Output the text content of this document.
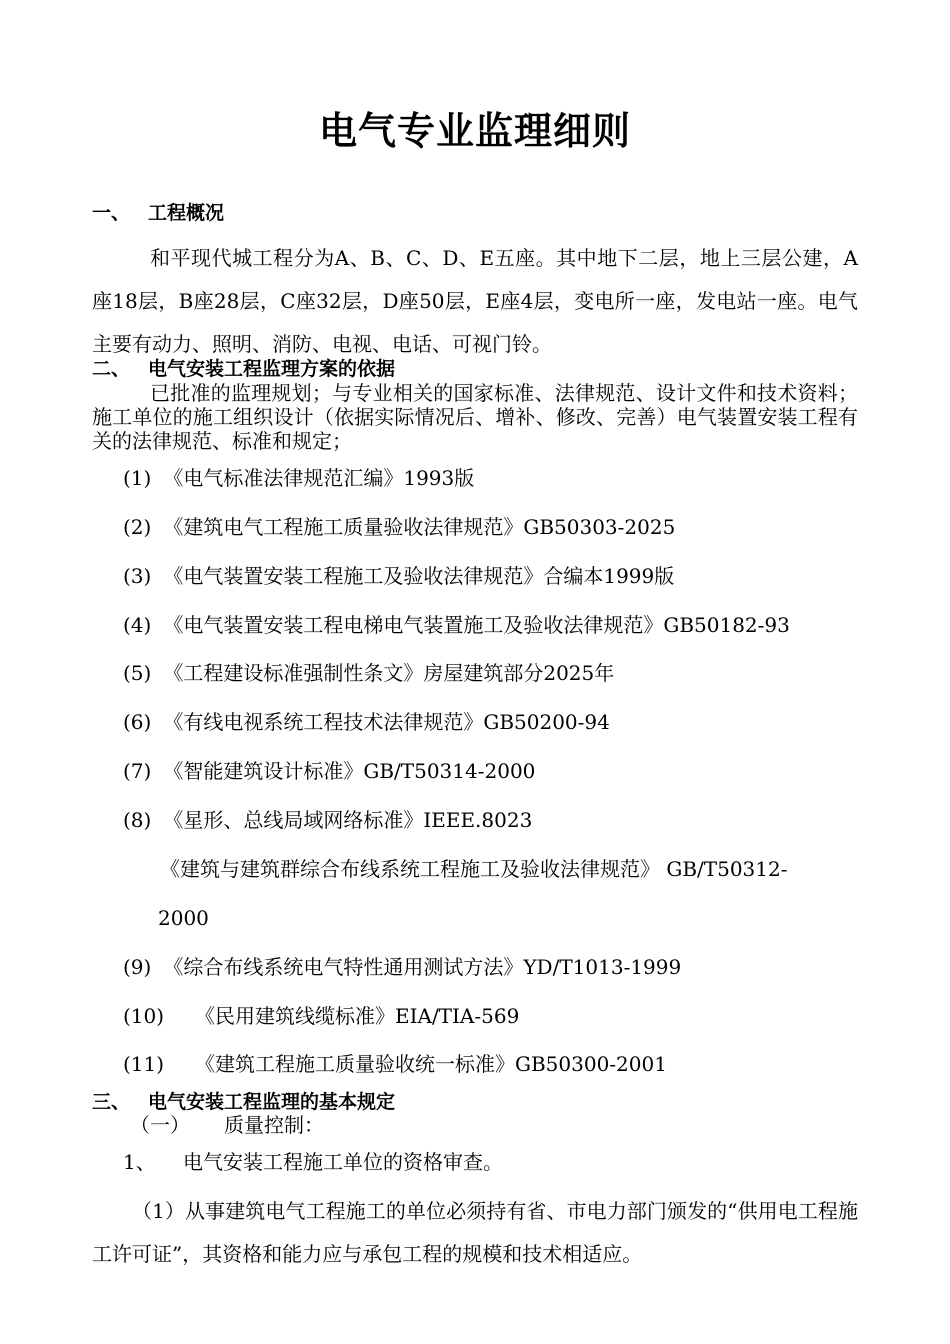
电气专业监理细则
一、 工程概况
和平现代城工程分为A、B、C、D、E五座。其中地下二层，地上三层公建，A座18层，B座28层，C座32层，D座50层，E座4层，变电所一座，发电站一座。电气主要有动力、照明、消防、电视、电话、可视门铃。
二、 电气安装工程监理方案的依据
已批准的监理规划；与专业相关的国家标准、法律规范、设计文件和技术资料；施工单位的施工组织设计（依据实际情况后、增补、修改、完善）电气装置安装工程有关的法律规范、标准和规定；
(1) 《电气标准法律规范汇编》1993版
(2) 《建筑电气工程施工质量验收法律规范》GB50303-2025
(3) 《电气装置安装工程施工及验收法律规范》合编本1999版
(4) 《电气装置安装工程电梯电气装置施工及验收法律规范》GB50182-93
(5) 《工程建设标准强制性条文》房屋建筑部分2025年
(6) 《有线电视系统工程技术法律规范》GB50200-94
(7) 《智能建筑设计标准》GB/T50314-2000
(8) 《星形、总线局域网络标准》IEEE.8023
《建筑与建筑群综合布线系统工程施工及验收法律规范》 GB/T50312-
2000
(9) 《综合布线系统电气特性通用测试方法》YD/T1013-1999
(10) 《民用建筑线缆标准》EIA/TIA-569
(11) 《建筑工程施工质量验收统一标准》GB50300-2001
三、 电气安装工程监理的基本规定
（一） 质量控制：
1、 电气安装工程施工单位的资格审查。
（1）从事建筑电气工程施工的单位必须持有省、市电力部门颁发的“供用电工程施工许可证”，其资格和能力应与承包工程的规模和技术相适应。
